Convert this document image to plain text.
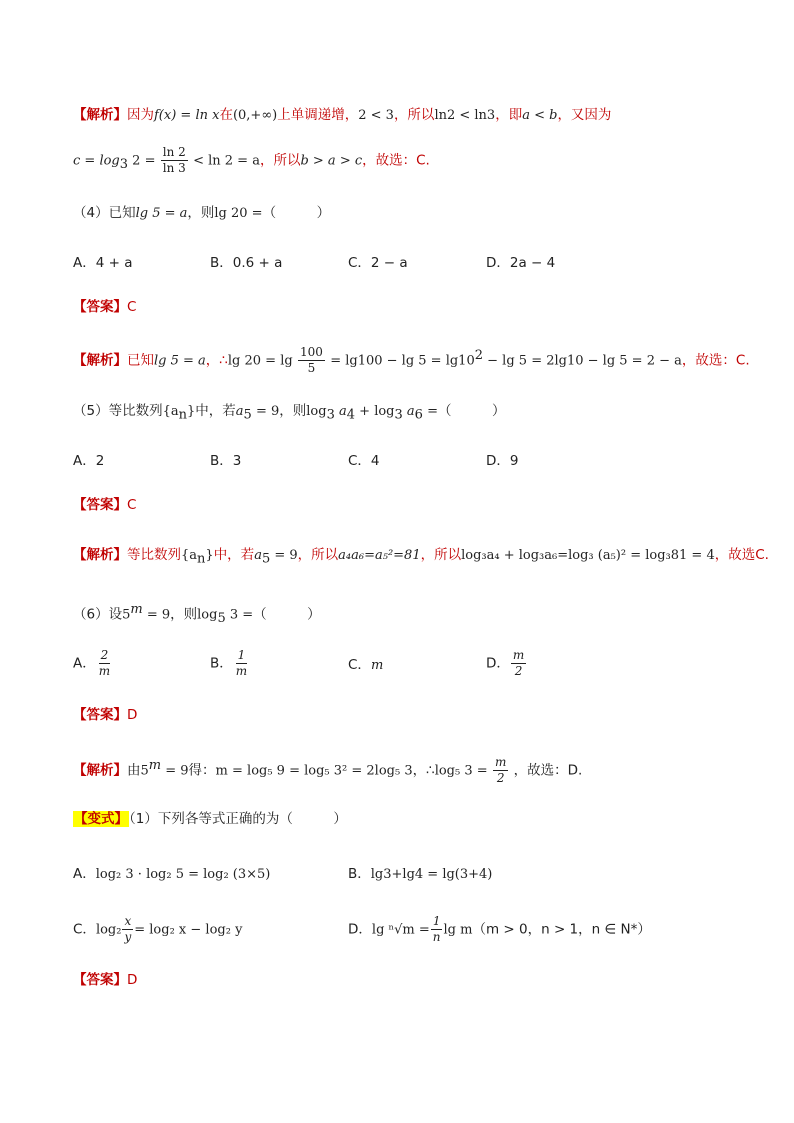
【解析】因为f(x) = ln x在(0,+∞)上单调递增，2 < 3，所以ln2 < ln3，即a < b，又因为
$c = \log_3 2 = \frac{\ln 2}{\ln 3} < \ln 2 = a$，所以b > a > c，故选：C.
（4）已知lg 5 = a，则lg 20 =（　　　）
A．4 + a	B．0.6 + a	C．2 − a	D．2a − 4
【答案】C
【解析】已知lg 5 = a，∴lg $20 = \lg \frac{100}{5} = \lg 100 - \lg 5 = \lg 10^2 - \lg 5 = 2\lg 10 - \lg 5 = 2 - a$，故选：C.
（5）等比数列$\{a_n\}$中，若$a_5 = 9$，则$\log_3 a_4 + \log_3 a_6$ =（　　　）
A．2	B．3	C．4	D．9
【答案】C
【解析】等比数列$\{a_n\}$中，若$a_5 = 9$，所以a₄a₆=a₅²=81，所以log₃a₄ + log₃a₆=log₃ (a₅)² = log₃81 = 4，故选C.
（6）设$5^m = 9$，则$\log_5 3$ =（　　　）
A． $\frac{2}{m}$	B． $\frac{1}{m}$	C．m	D． $\frac{m}{2}$
【答案】D
【解析】由$5^m = 9$得：m = log₅ 9 = log₅ 3² = 2log₅ 3，∴log₅ $3 = \frac{m}{2}$ ，故选：D.
【变式】（1）下列各等式正确的为（　　　）
A．log₂ 3 · log₂ 5 = log₂ (3×5)	B．lg3+lg4 = lg(3+4)
C．$\log_2 \frac{x}{y} = \log_2$ x − log₂ y	D．$\lg ^n√m = \frac{1}{n}$ lg m（m > 0，n > 1，n ∈ N*）
【答案】D
